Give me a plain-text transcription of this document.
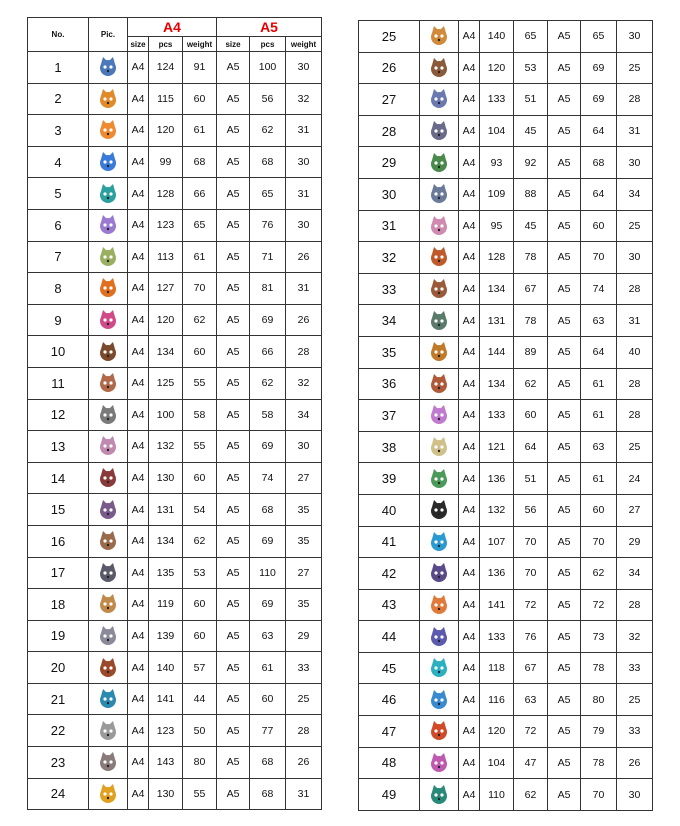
No.	Pic.	A4			A5		
		size	pcs	weight	size	pcs	weight
1		A4	124	91	A5	100	30
2		A4	115	60	A5	56	32
3		A4	120	61	A5	62	31
4		A4	99	68	A5	68	30
5		A4	128	66	A5	65	31
6		A4	123	65	A5	76	30
7		A4	113	61	A5	71	26
8		A4	127	70	A5	81	31
9		A4	120	62	A5	69	26
10		A4	134	60	A5	66	28
11		A4	125	55	A5	62	32
12		A4	100	58	A5	58	34
13		A4	132	55	A5	69	30
14		A4	130	60	A5	74	27
15		A4	131	54	A5	68	35
16		A4	134	62	A5	69	35
17		A4	135	53	A5	110	27
18		A4	119	60	A5	69	35
19		A4	139	60	A5	63	29
20		A4	140	57	A5	61	33
21		A4	141	44	A5	60	25
22		A4	123	50	A5	77	28
23		A4	143	80	A5	68	26
24		A4	130	55	A5	68	31
25		A4	140	65	A5	65	30
26		A4	120	53	A5	69	25
27		A4	133	51	A5	69	28
28		A4	104	45	A5	64	31
29		A4	93	92	A5	68	30
30		A4	109	88	A5	64	34
31		A4	95	45	A5	60	25
32		A4	128	78	A5	70	30
33		A4	134	67	A5	74	28
34		A4	131	78	A5	63	31
35		A4	144	89	A5	64	40
36		A4	134	62	A5	61	28
37		A4	133	60	A5	61	28
38		A4	121	64	A5	63	25
39		A4	136	51	A5	61	24
40		A4	132	56	A5	60	27
41		A4	107	70	A5	70	29
42		A4	136	70	A5	62	34
43		A4	141	72	A5	72	28
44		A4	133	76	A5	73	32
45		A4	118	67	A5	78	33
46		A4	116	63	A5	80	25
47		A4	120	72	A5	79	33
48		A4	104	47	A5	78	26
49		A4	110	62	A5	70	30
